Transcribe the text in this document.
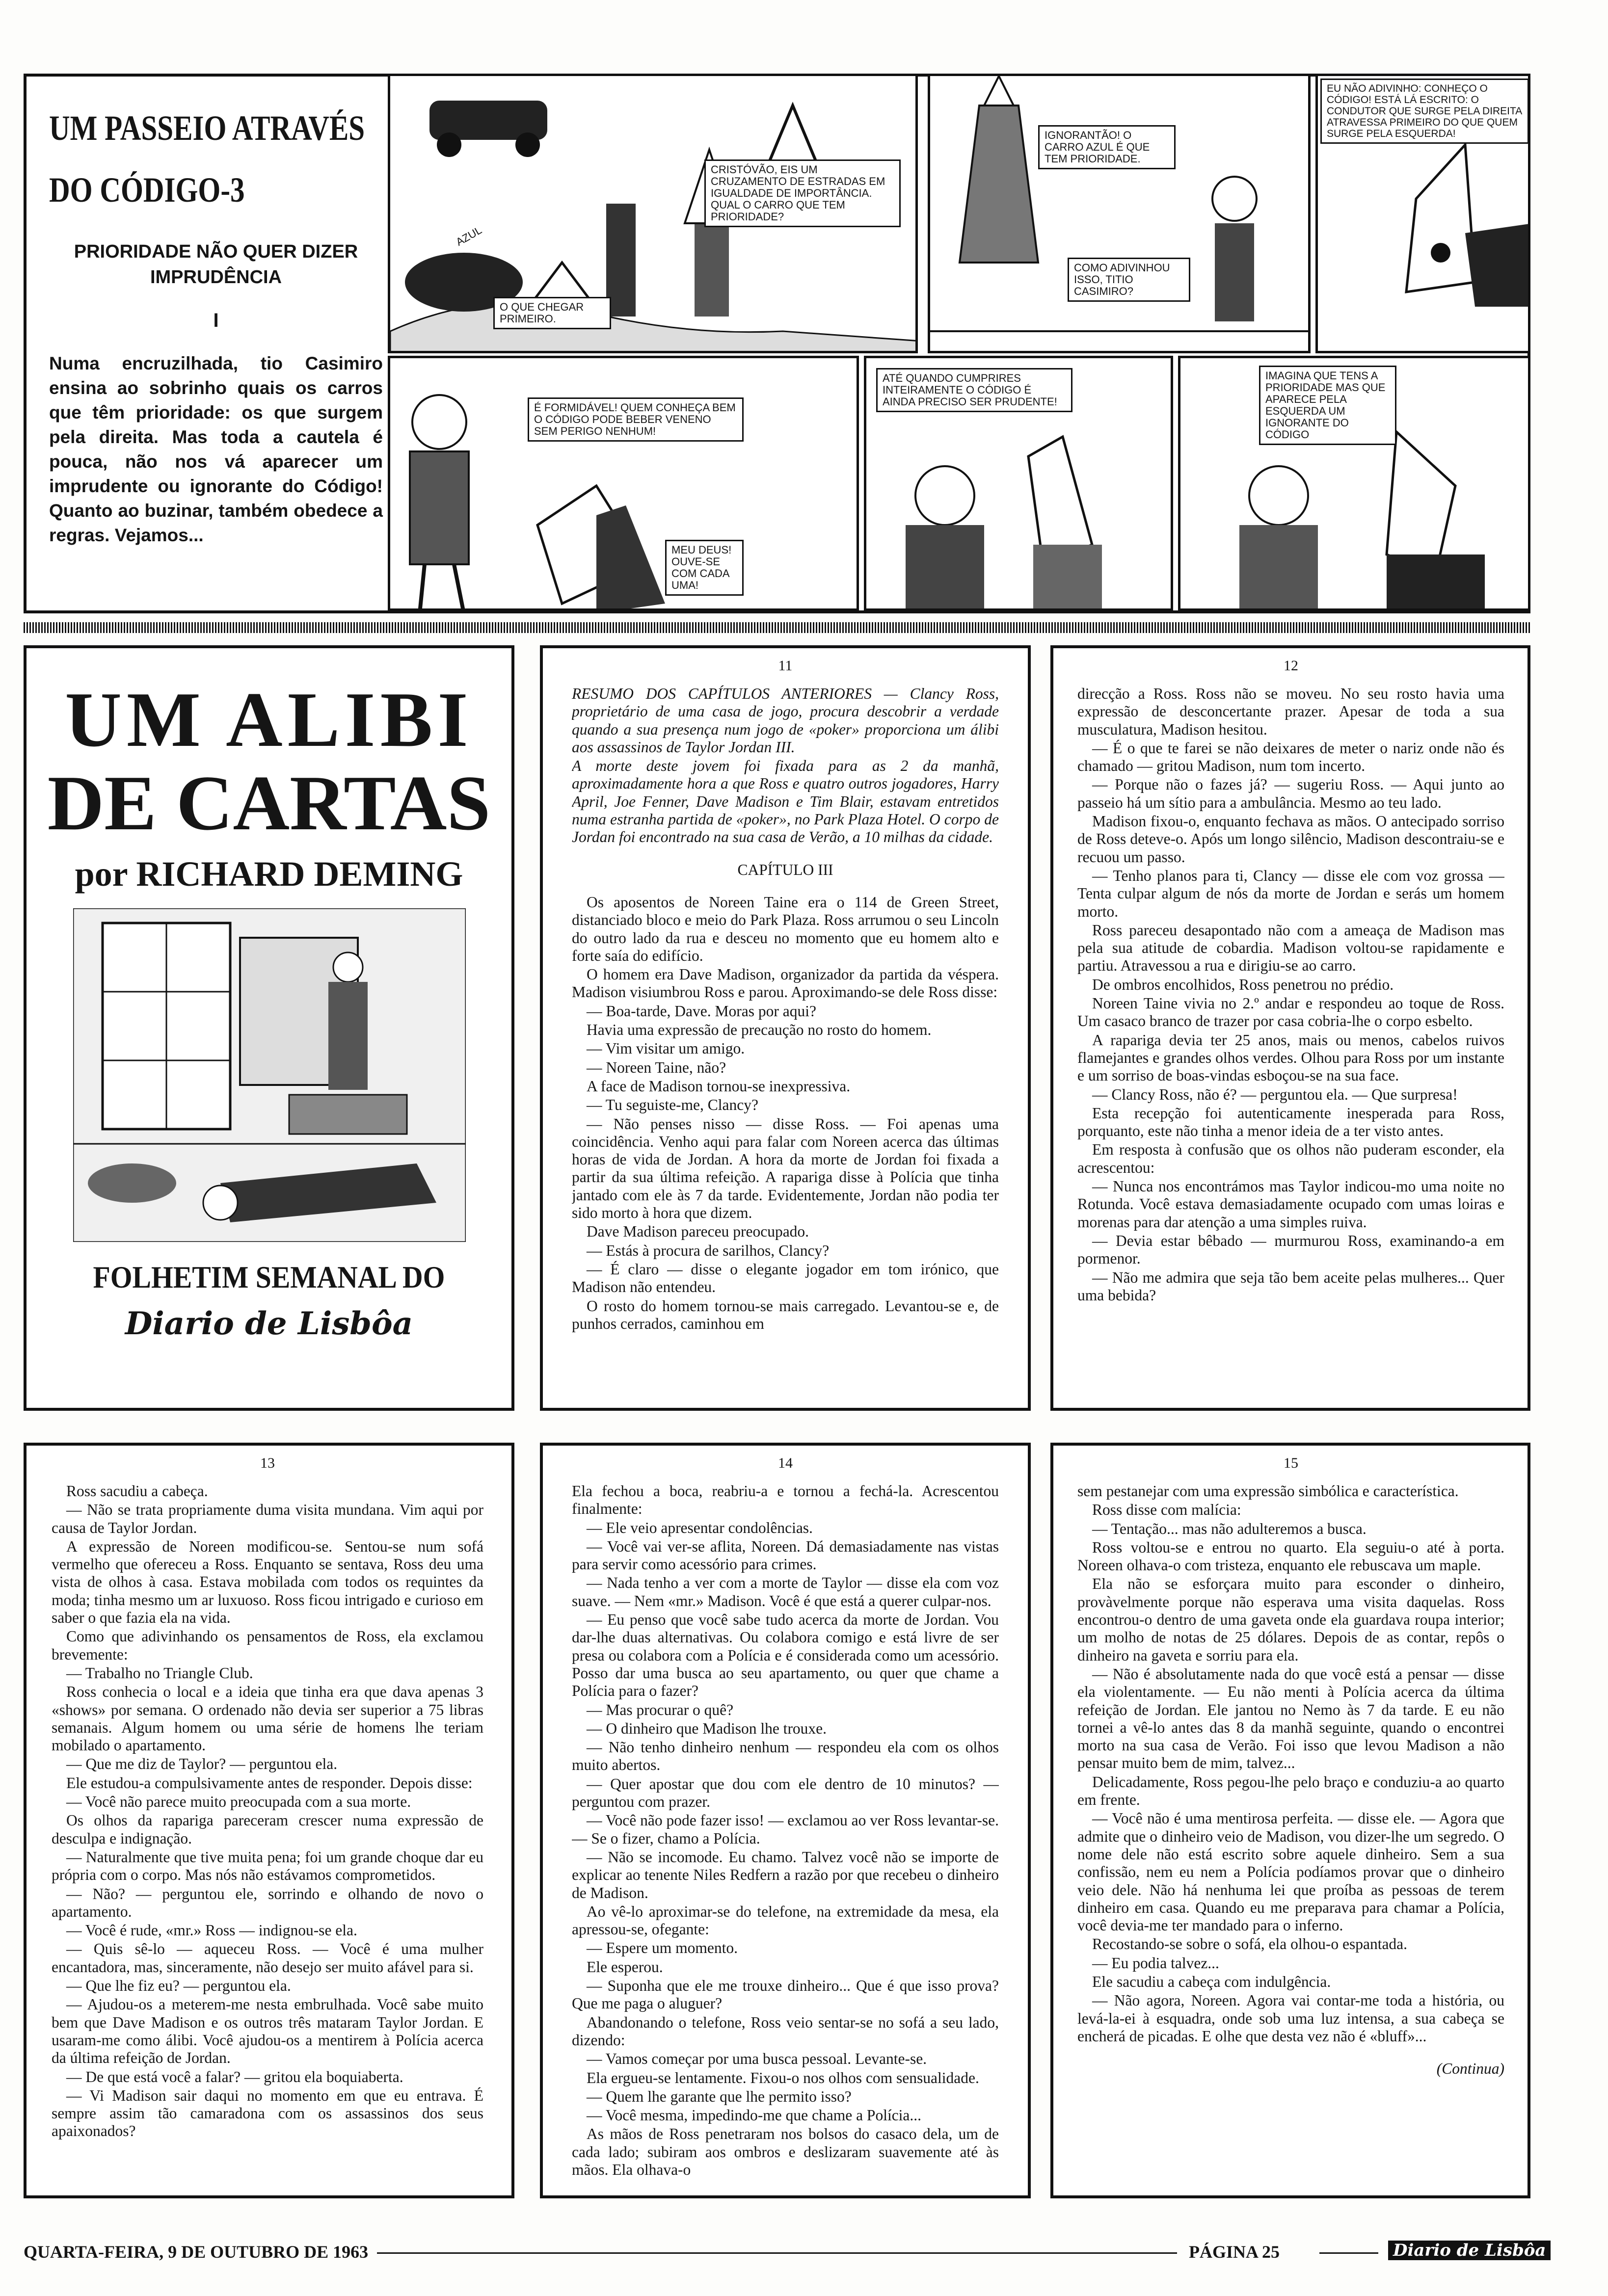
UM PASSEIO ATRAVÉS
DO CÓDIGO-3
PRIORIDADE NÃO QUER DIZER IMPRUDÊNCIA
I
Numa encruzilhada, tio Casimiro ensina ao sobrinho quais os carros que têm prioridade: os que surgem pela direita. Mas toda a cautela é pouca, não nos vá aparecer um imprudente ou ignorante do Código! Quanto ao buzinar, também obedece a regras. Vejamos...
AZUL
CRISTÓVÃO, EIS UM CRUZAMENTO DE ESTRADAS EM IGUALDADE DE IMPORTÂNCIA. QUAL O CARRO QUE TEM PRIORIDADE?
O QUE CHEGAR PRIMEIRO.
IGNORANTÃO! O CARRO AZUL É QUE TEM PRIORIDADE.
COMO ADIVINHOU ISSO, TITIO CASIMIRO?
EU NÃO ADIVINHO: CONHEÇO O CÓDIGO! ESTÁ LÁ ESCRITO: O CONDUTOR QUE SURGE PELA DIREITA ATRAVESSA PRIMEIRO DO QUE QUEM SURGE PELA ESQUERDA!
É FORMIDÁVEL! QUEM CONHEÇA BEM O CÓDIGO PODE BEBER VENENO SEM PERIGO NENHUM!
MEU DEUS! OUVE-SE COM CADA UMA!
ATÉ QUANDO CUMPRIRES INTEIRAMENTE O CÓDIGO É AINDA PRECISO SER PRUDENTE!
IMAGINA QUE TENS A PRIORIDADE MAS QUE APARECE PELA ESQUERDA UM IGNORANTE DO CÓDIGO
UM ALIBI
DE CARTAS
por RICHARD DEMING
FOLHETIM SEMANAL DO
Diario de Lisbôa
11

RESUMO DOS CAPÍTULOS ANTERIORES — Clancy Ross, proprietário de uma casa de jogo, procura descobrir a verdade quando a sua presença num jogo de «poker» proporciona um álibi aos assassinos de Taylor Jordan III.

A morte deste jovem foi fixada para as 2 da manhã, aproximadamente hora a que Ross e quatro outros jogadores, Harry April, Joe Fenner, Dave Madison e Tim Blair, estavam entretidos numa estranha partida de «poker», no Park Plaza Hotel. O corpo de Jordan foi encontrado na sua casa de Verão, a 10 milhas da cidade.

CAPÍTULO III

Os aposentos de Noreen Taine era o 114 de Green Street, distanciado bloco e meio do Park Plaza. Ross arrumou o seu Lincoln do outro lado da rua e desceu no momento que eu homem alto e forte saía do edifício.

O homem era Dave Madison, organizador da partida da véspera. Madison visiumbrou Ross e parou. Aproximando-se dele Ross disse:

— Boa-tarde, Dave. Moras por aqui?

Havia uma expressão de precaução no rosto do homem.

— Vim visitar um amigo.

— Noreen Taine, não?

A face de Madison tornou-se inexpressiva.

— Tu seguiste-me, Clancy?

— Não penses nisso — disse Ross. — Foi apenas uma coincidência. Venho aqui para falar com Noreen acerca das últimas horas de vida de Jordan. A hora da morte de Jordan foi fixada a partir da sua última refeição. A rapariga disse à Polícia que tinha jantado com ele às 7 da tarde. Evidentemente, Jordan não podia ter sido morto à hora que dizem.

Dave Madison pareceu preocupado.

— Estás à procura de sarilhos, Clancy?

— É claro — disse o elegante jogador em tom irónico, que Madison não entendeu.

O rosto do homem tornou-se mais carregado. Levantou-se e, de punhos cerrados, caminhou em

12

direcção a Ross. Ross não se moveu. No seu rosto havia uma expressão de desconcertante prazer. Apesar de toda a sua musculatura, Madison hesitou.

— É o que te farei se não deixares de meter o nariz onde não és chamado — gritou Madison, num tom incerto.

— Porque não o fazes já? — sugeriu Ross. — Aqui junto ao passeio há um sítio para a ambulância. Mesmo ao teu lado.

Madison fixou-o, enquanto fechava as mãos. O antecipado sorriso de Ross deteve-o. Após um longo silêncio, Madison descontraiu-se e recuou um passo.

— Tenho planos para ti, Clancy — disse ele com voz grossa — Tenta culpar algum de nós da morte de Jordan e serás um homem morto.

Ross pareceu desapontado não com a ameaça de Madison mas pela sua atitude de cobardia. Madison voltou-se rapidamente e partiu. Atravessou a rua e dirigiu-se ao carro.

De ombros encolhidos, Ross penetrou no prédio.

Noreen Taine vivia no 2.º andar e respondeu ao toque de Ross. Um casaco branco de trazer por casa cobria-lhe o corpo esbelto.

A rapariga devia ter 25 anos, mais ou menos, cabelos ruivos flamejantes e grandes olhos verdes. Olhou para Ross por um instante e um sorriso de boas-vindas esboçou-se na sua face.

— Clancy Ross, não é? — perguntou ela. — Que surpresa!

Esta recepção foi autenticamente inesperada para Ross, porquanto, este não tinha a menor ideia de a ter visto antes.

Em resposta à confusão que os olhos não puderam esconder, ela acrescentou:

— Nunca nos encontrámos mas Taylor indicou-mo uma noite no Rotunda. Você estava demasiadamente ocupado com umas loiras e morenas para dar atenção a uma simples ruiva.

— Devia estar bêbado — murmurou Ross, examinando-a em pormenor.

— Não me admira que seja tão bem aceite pelas mulheres... Quer uma bebida?

13

Ross sacudiu a cabeça.

— Não se trata propriamente duma visita mundana. Vim aqui por causa de Taylor Jordan.

A expressão de Noreen modificou-se. Sentou-se num sofá vermelho que ofereceu a Ross. Enquanto se sentava, Ross deu uma vista de olhos à casa. Estava mobilada com todos os requintes da moda; tinha mesmo um ar luxuoso. Ross ficou intrigado e curioso em saber o que fazia ela na vida.

Como que adivinhando os pensamentos de Ross, ela exclamou brevemente:

— Trabalho no Triangle Club.

Ross conhecia o local e a ideia que tinha era que dava apenas 3 «shows» por semana. O ordenado não devia ser superior a 75 libras semanais. Algum homem ou uma série de homens lhe teriam mobilado o apartamento.

— Que me diz de Taylor? — perguntou ela.

Ele estudou-a compulsivamente antes de responder. Depois disse:

— Você não parece muito preocupada com a sua morte.

Os olhos da rapariga pareceram crescer numa expressão de desculpa e indignação.

— Naturalmente que tive muita pena; foi um grande choque dar eu própria com o corpo. Mas nós não estávamos comprometidos.

— Não? — perguntou ele, sorrindo e olhando de novo o apartamento.

— Você é rude, «mr.» Ross — indignou-se ela.

— Quis sê-lo — aqueceu Ross. — Você é uma mulher encantadora, mas, sinceramente, não desejo ser muito afável para si.

— Que lhe fiz eu? — perguntou ela.

— Ajudou-os a meterem-me nesta embrulhada. Você sabe muito bem que Dave Madison e os outros três mataram Taylor Jordan. E usaram-me como álibi. Você ajudou-os a mentirem à Polícia acerca da última refeição de Jordan.

— De que está você a falar? — gritou ela boquiaberta.

— Vi Madison sair daqui no momento em que eu entrava. É sempre assim tão camaradona com os assassinos dos seus apaixonados?

14

Ela fechou a boca, reabriu-a e tornou a fechá-la. Acrescentou finalmente:

— Ele veio apresentar condolências.

— Você vai ver-se aflita, Noreen. Dá demasiadamente nas vistas para servir como acessório para crimes.

— Nada tenho a ver com a morte de Taylor — disse ela com voz suave. — Nem «mr.» Madison. Você é que está a querer culpar-nos.

— Eu penso que você sabe tudo acerca da morte de Jordan. Vou dar-lhe duas alternativas. Ou colabora comigo e está livre de ser presa ou colabora com a Polícia e é considerada como um acessório. Posso dar uma busca ao seu apartamento, ou quer que chame a Polícia para o fazer?

— Mas procurar o quê?

— O dinheiro que Madison lhe trouxe.

— Não tenho dinheiro nenhum — respondeu ela com os olhos muito abertos.

— Quer apostar que dou com ele dentro de 10 minutos? — perguntou com prazer.

— Você não pode fazer isso! — exclamou ao ver Ross levantar-se. — Se o fizer, chamo a Polícia.

— Não se incomode. Eu chamo. Talvez você não se importe de explicar ao tenente Niles Redfern a razão por que recebeu o dinheiro de Madison.

Ao vê-lo aproximar-se do telefone, na extremidade da mesa, ela apressou-se, ofegante:

— Espere um momento.

Ele esperou.

— Suponha que ele me trouxe dinheiro... Que é que isso prova? Que me paga o aluguer?

Abandonando o telefone, Ross veio sentar-se no sofá a seu lado, dizendo:

— Vamos começar por uma busca pessoal. Levante-se.

Ela ergueu-se lentamente. Fixou-o nos olhos com sensualidade.

— Quem lhe garante que lhe permito isso?

— Você mesma, impedindo-me que chame a Polícia...

As mãos de Ross penetraram nos bolsos do casaco dela, um de cada lado; subiram aos ombros e deslizaram suavemente até às mãos. Ela olhava-o

15

sem pestanejar com uma expressão simbólica e característica.

Ross disse com malícia:

— Tentação... mas não adulteremos a busca.

Ross voltou-se e entrou no quarto. Ela seguiu-o até à porta. Noreen olhava-o com tristeza, enquanto ele rebuscava um maple.

Ela não se esforçara muito para esconder o dinheiro, provàvelmente porque não esperava uma visita daquelas. Ross encontrou-o dentro de uma gaveta onde ela guardava roupa interior; um molho de notas de 25 dólares. Depois de as contar, repôs o dinheiro na gaveta e sorriu para ela.

— Não é absolutamente nada do que você está a pensar — disse ela violentamente. — Eu não menti à Polícia acerca da última refeição de Jordan. Ele jantou no Nemo às 7 da tarde. E eu não tornei a vê-lo antes das 8 da manhã seguinte, quando o encontrei morto na sua casa de Verão. Foi isso que levou Madison a não pensar muito bem de mim, talvez...

Delicadamente, Ross pegou-lhe pelo braço e conduziu-a ao quarto em frente.

— Você não é uma mentirosa perfeita. — disse ele. — Agora que admite que o dinheiro veio de Madison, vou dizer-lhe um segredo. O nome dele não está escrito sobre aquele dinheiro. Sem a sua confissão, nem eu nem a Polícia podíamos provar que o dinheiro veio dele. Não há nenhuma lei que proíba as pessoas de terem dinheiro em casa. Quando eu me preparava para chamar a Polícia, você devia-me ter mandado para o inferno.

Recostando-se sobre o sofá, ela olhou-o espantada.

— Eu podia talvez...

Ele sacudiu a cabeça com indulgência.

— Não agora, Noreen. Agora vai contar-me toda a história, ou levá-la-ei à esquadra, onde sob uma luz intensa, a sua cabeça se encherá de picadas. E olhe que desta vez não é «bluff»...

(Continua)

QUARTA-FEIRA, 9 DE OUTUBRO DE 1963	PÁGINA 25	Diario de Lisbôa
